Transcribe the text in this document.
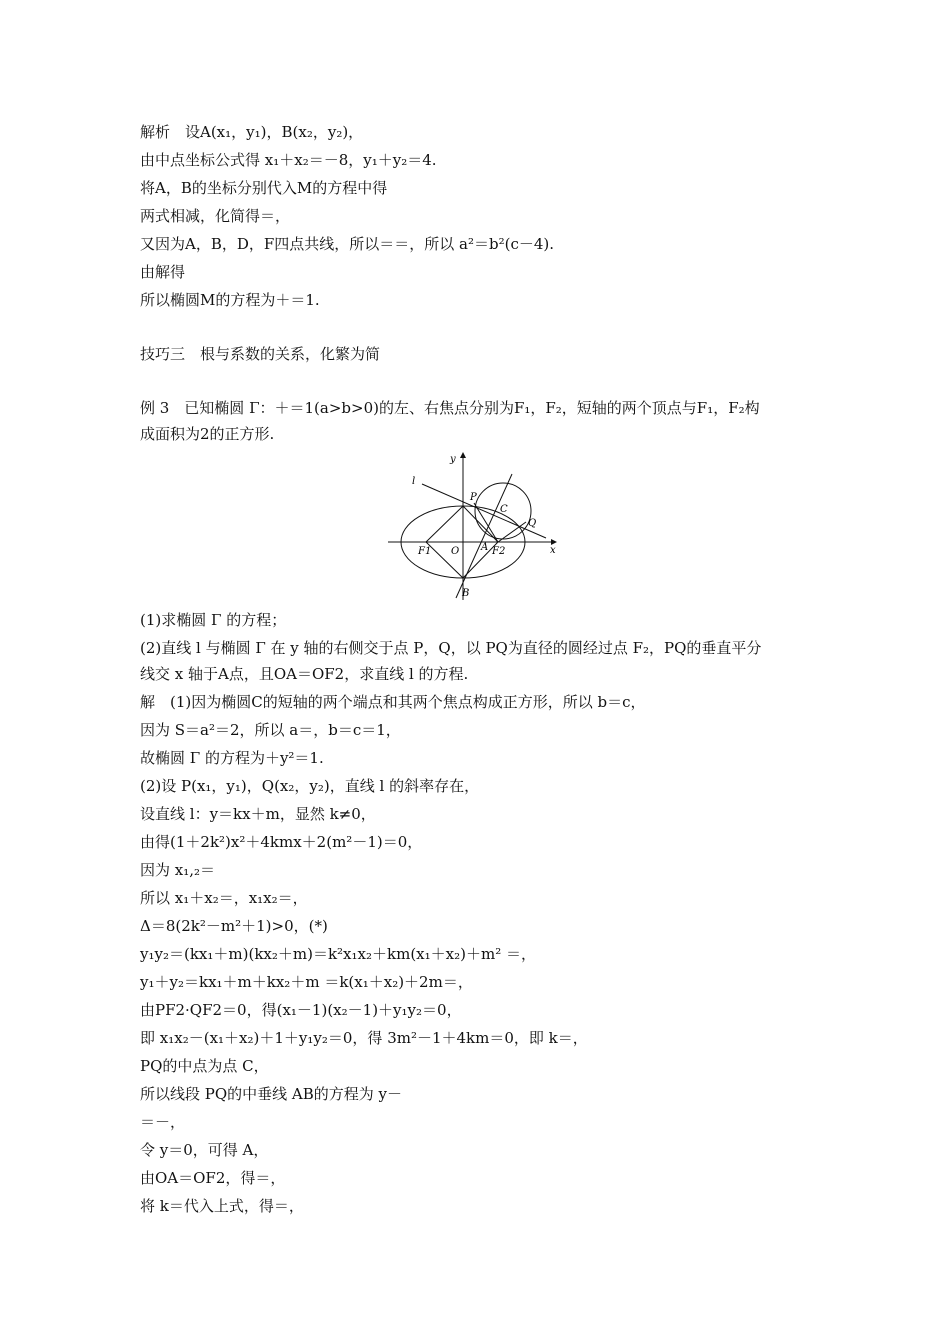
解析　设A(x₁，y₁)，B(x₂，y₂)，
由中点坐标公式得 x₁＋x₂＝－8，y₁＋y₂＝4.
将A，B的坐标分别代入M的方程中得
两式相减，化简得＝，
又因为A，B，D，F四点共线，所以＝＝，所以 a²＝b²(c－4).
由解得
所以椭圆M的方程为＋＝1.
技巧三　根与系数的关系，化繁为简
例 3　已知椭圆 Γ：＋＝1(a>b>0)的左、右焦点分别为F₁，F₂，短轴的两个顶点与F₁，F₂构
成面积为2的正方形.
y
x
l
P
C
Q
F1 O A F2
B
(1)求椭圆 Γ 的方程；
(2)直线 l 与椭圆 Γ 在 y 轴的右侧交于点 P，Q，以 PQ为直径的圆经过点 F₂，PQ的垂直平分
线交 x 轴于A点，且OA＝OF2，求直线 l 的方程.
解　(1)因为椭圆C的短轴的两个端点和其两个焦点构成正方形，所以 b＝c，
因为 S＝a²＝2，所以 a＝，b＝c＝1，
故椭圆 Γ 的方程为＋y²＝1.
(2)设 P(x₁，y₁)，Q(x₂，y₂)，直线 l 的斜率存在，
设直线 l：y＝kx＋m，显然 k≠0，
由得(1＋2k²)x²＋4kmx＋2(m²－1)＝0，
因为 x₁,₂＝
所以 x₁＋x₂＝，x₁x₂＝，
Δ＝8(2k²－m²＋1)>0，(*)
y₁y₂＝(kx₁＋m)(kx₂＋m)＝k²x₁x₂＋km(x₁＋x₂)＋m² ＝，
y₁＋y₂＝kx₁＋m＋kx₂＋m ＝k(x₁＋x₂)＋2m＝，
由PF2·QF2＝0，得(x₁－1)(x₂－1)＋y₁y₂＝0，
即 x₁x₂－(x₁＋x₂)＋1＋y₁y₂＝0，得 3m²－1＋4km＝0，即 k＝，
PQ的中点为点 C，
所以线段 PQ的中垂线 AB的方程为 y－
＝－，
令 y＝0，可得 A，
由OA＝OF2，得＝，
将 k＝代入上式，得＝，
